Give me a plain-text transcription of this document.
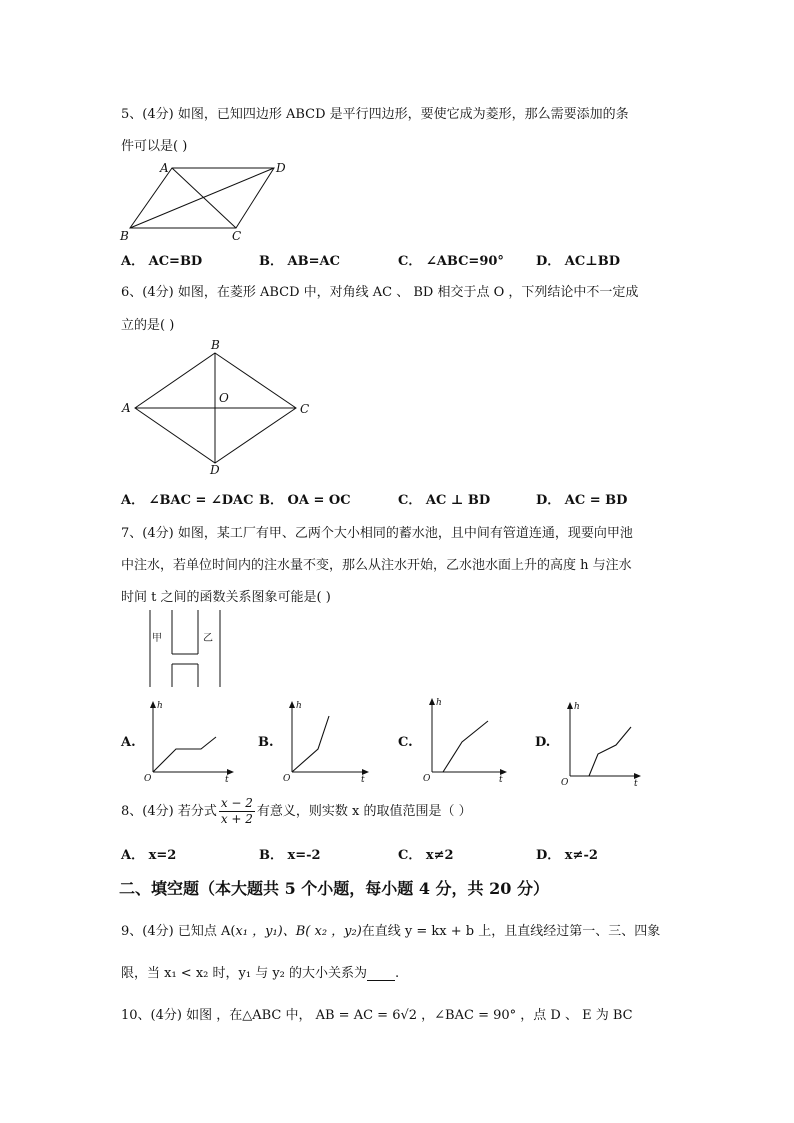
5、(4分) 如图，已知四边形 ABCD 是平行四边形，要使它成为菱形，那么需要添加的条
件可以是( )
A	D
B	C
A． AC=BD	B． AB=AC	C． ∠ABC=90° D． AC⊥BD
6、(4分) 如图，在菱形 ABCD 中，对角线 AC 、 BD 相交于点 O ，下列结论中不一定成
立的是( )
B
A	C
O
D
A． ∠BAC = ∠DAC B． OA = OC	C． AC ⊥ BD	D． AC = BD
7、(4分) 如图，某工厂有甲、乙两个大小相同的蓄水池，且中间有管道连通，现要向甲池
中注水，若单位时间内的注水量不变，那么从注水开始，乙水池水面上升的高度 h 与注水
时间 t 之间的函数关系图象可能是( )
甲	乙
A.	B.	C.	D.
h
t
O
h
t
O
h
t
O
h
t
O
8、(4分) 若分式 $\frac{x - 2}{x + 2}$ 有意义，则实数 x 的取值范围是（ ）
A． x=2	B． x=-2	C． x≠2	D． x≠-2
二、填空题（本大题共 5 个小题，每小题 4 分，共 20 分）
9、(4分) 已知点 A(x₁ ，y₁)、B( x₂ ，y₂)在直线 y = kx + b 上，且直线经过第一、三、四象
限，当 x₁ < x₂ 时，y₁ 与 y₂ 的大小关系为 .
10、(4分) 如图 ，在△ABC 中， AB = AC = 6√2 ，∠BAC = 90° ，点 D 、 E 为 BC
